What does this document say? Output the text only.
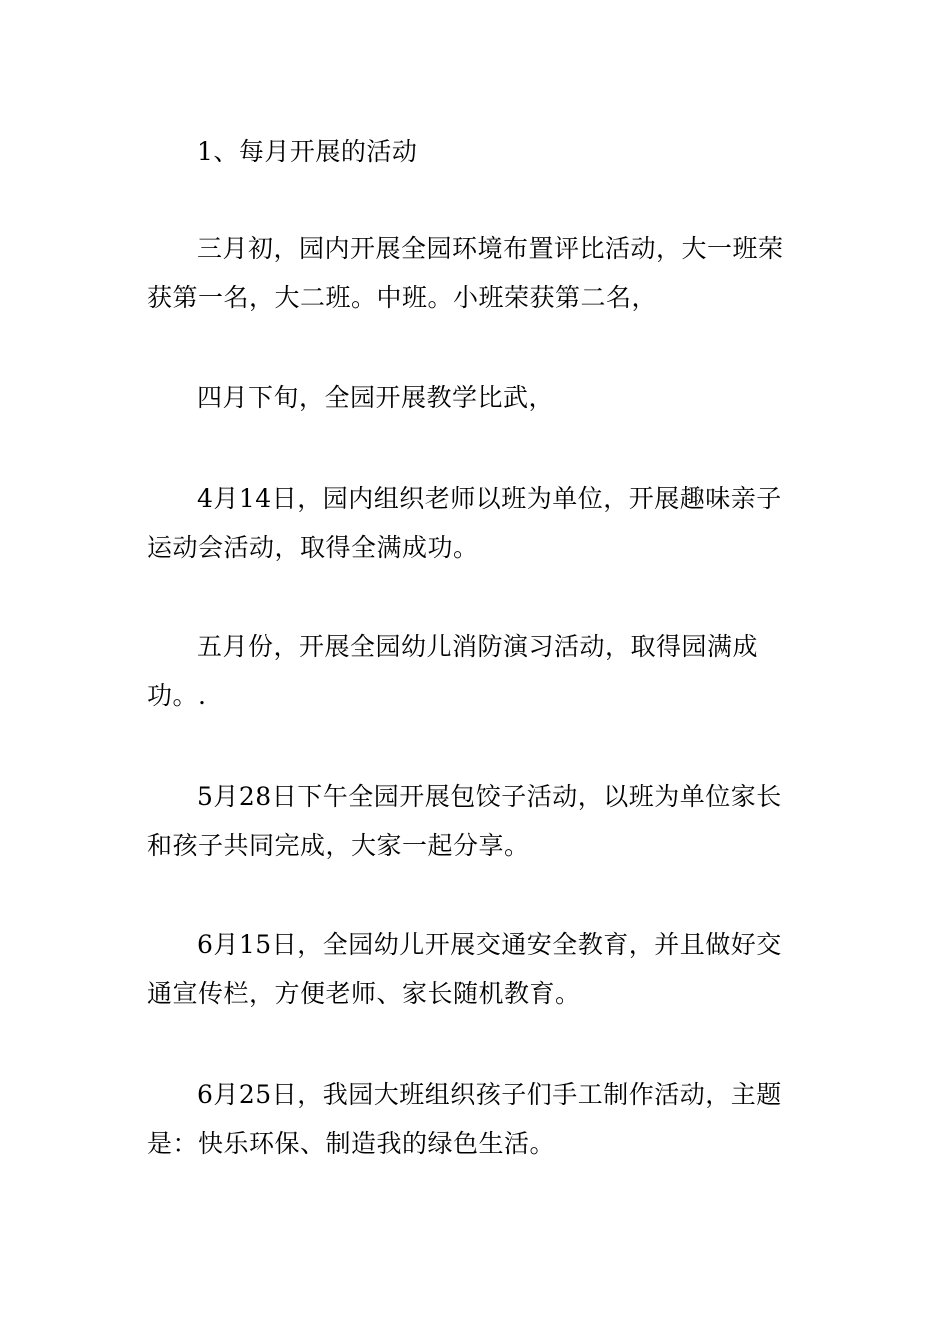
1、每月开展的活动

三月初，园内开展全园环境布置评比活动，大一班荣获第一名，大二班。中班。小班荣获第二名，

四月下旬，全园开展教学比武，

4月14日，园内组织老师以班为单位，开展趣味亲子运动会活动，取得全满成功。

五月份，开展全园幼儿消防演习活动，取得园满成功。.

5月28日下午全园开展包饺子活动，以班为单位家长和孩子共同完成，大家一起分享。

6月15日，全园幼儿开展交通安全教育，并且做好交通宣传栏，方便老师、家长随机教育。

6月25日，我园大班组织孩子们手工制作活动，主题是：快乐环保、制造我的绿色生活。
